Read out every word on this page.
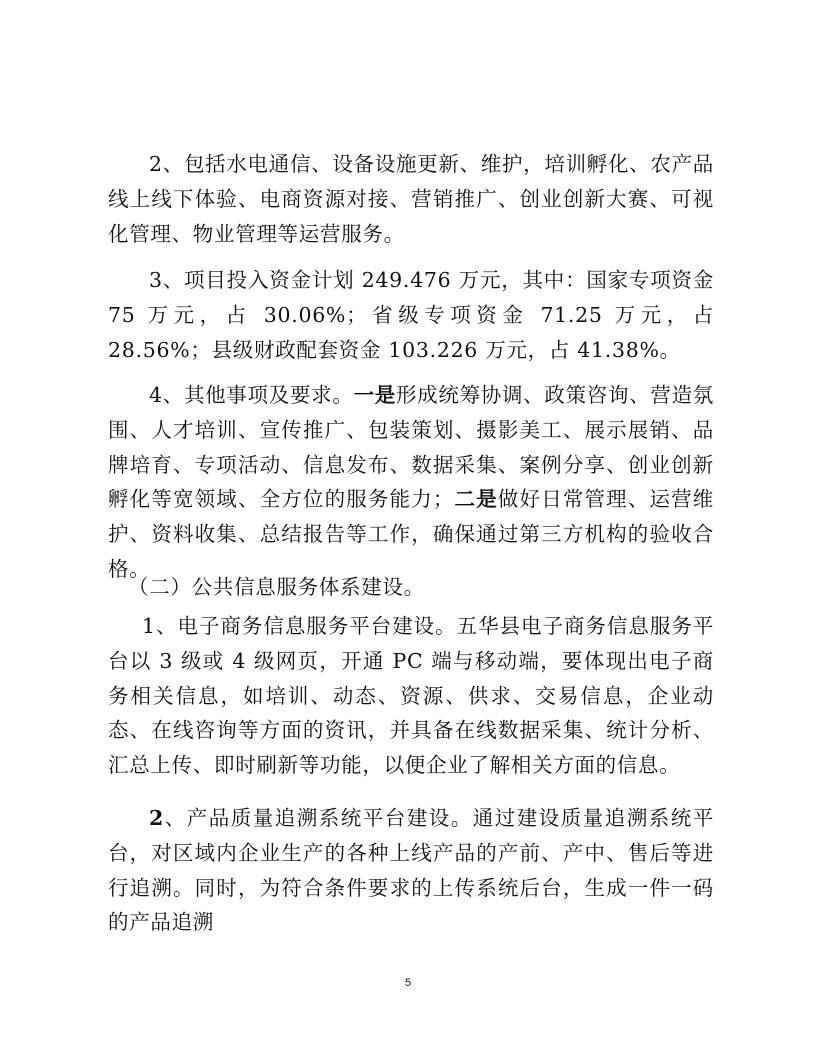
2、包括水电通信、设备设施更新、维护，培训孵化、农产品线上线下体验、电商资源对接、营销推广、创业创新大赛、可视化管理、物业管理等运营服务。

3、项目投入资金计划 249.476 万元，其中：国家专项资金 75 万元，占 30.06%；省级专项资金 71.25 万元，占 28.56%；县级财政配套资金 103.226 万元，占 41.38%。

4、其他事项及要求。一是形成统筹协调、政策咨询、营造氛围、人才培训、宣传推广、包装策划、摄影美工、展示展销、品牌培育、专项活动、信息发布、数据采集、案例分享、创业创新孵化等宽领域、全方位的服务能力；二是做好日常管理、运营维护、资料收集、总结报告等工作，确保通过第三方机构的验收合格。

（二）公共信息服务体系建设。

1、电子商务信息服务平台建设。五华县电子商务信息服务平台以 3 级或 4 级网页，开通 PC 端与移动端，要体现出电子商务相关信息，如培训、动态、资源、供求、交易信息，企业动态、在线咨询等方面的资讯，并具备在线数据采集、统计分析、汇总上传、即时刷新等功能，以便企业了解相关方面的信息。

2、产品质量追溯系统平台建设。通过建设质量追溯系统平台，对区域内企业生产的各种上线产品的产前、产中、售后等进行追溯。同时，为符合条件要求的上传系统后台，生成一件一码的产品追溯

5
